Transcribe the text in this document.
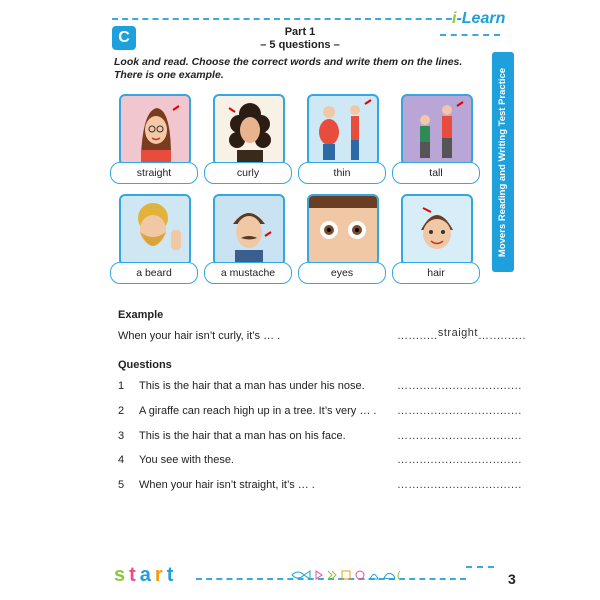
C	Part 1
– 5 questions –
i-Learn
Look and read. Choose the correct words and write them on the lines. There is one example.	Movers Reading and Writing Test Practice
straight	curly	thin	tall
a beard	a mustache	eyes	hair
Example
When your hair isn’t curly, it’s … .	…........straight…..........
Questions
1 This is the hair that a man has under his nose.	…...............................
2 A giraffe can reach high up in a tree. It’s very … . …...............................
3 This is the hair that a man has on his face.	…...............................
4 You see with these.	…...............................
5 When your hair isn’t straight, it’s … .	…...............................
start	3
